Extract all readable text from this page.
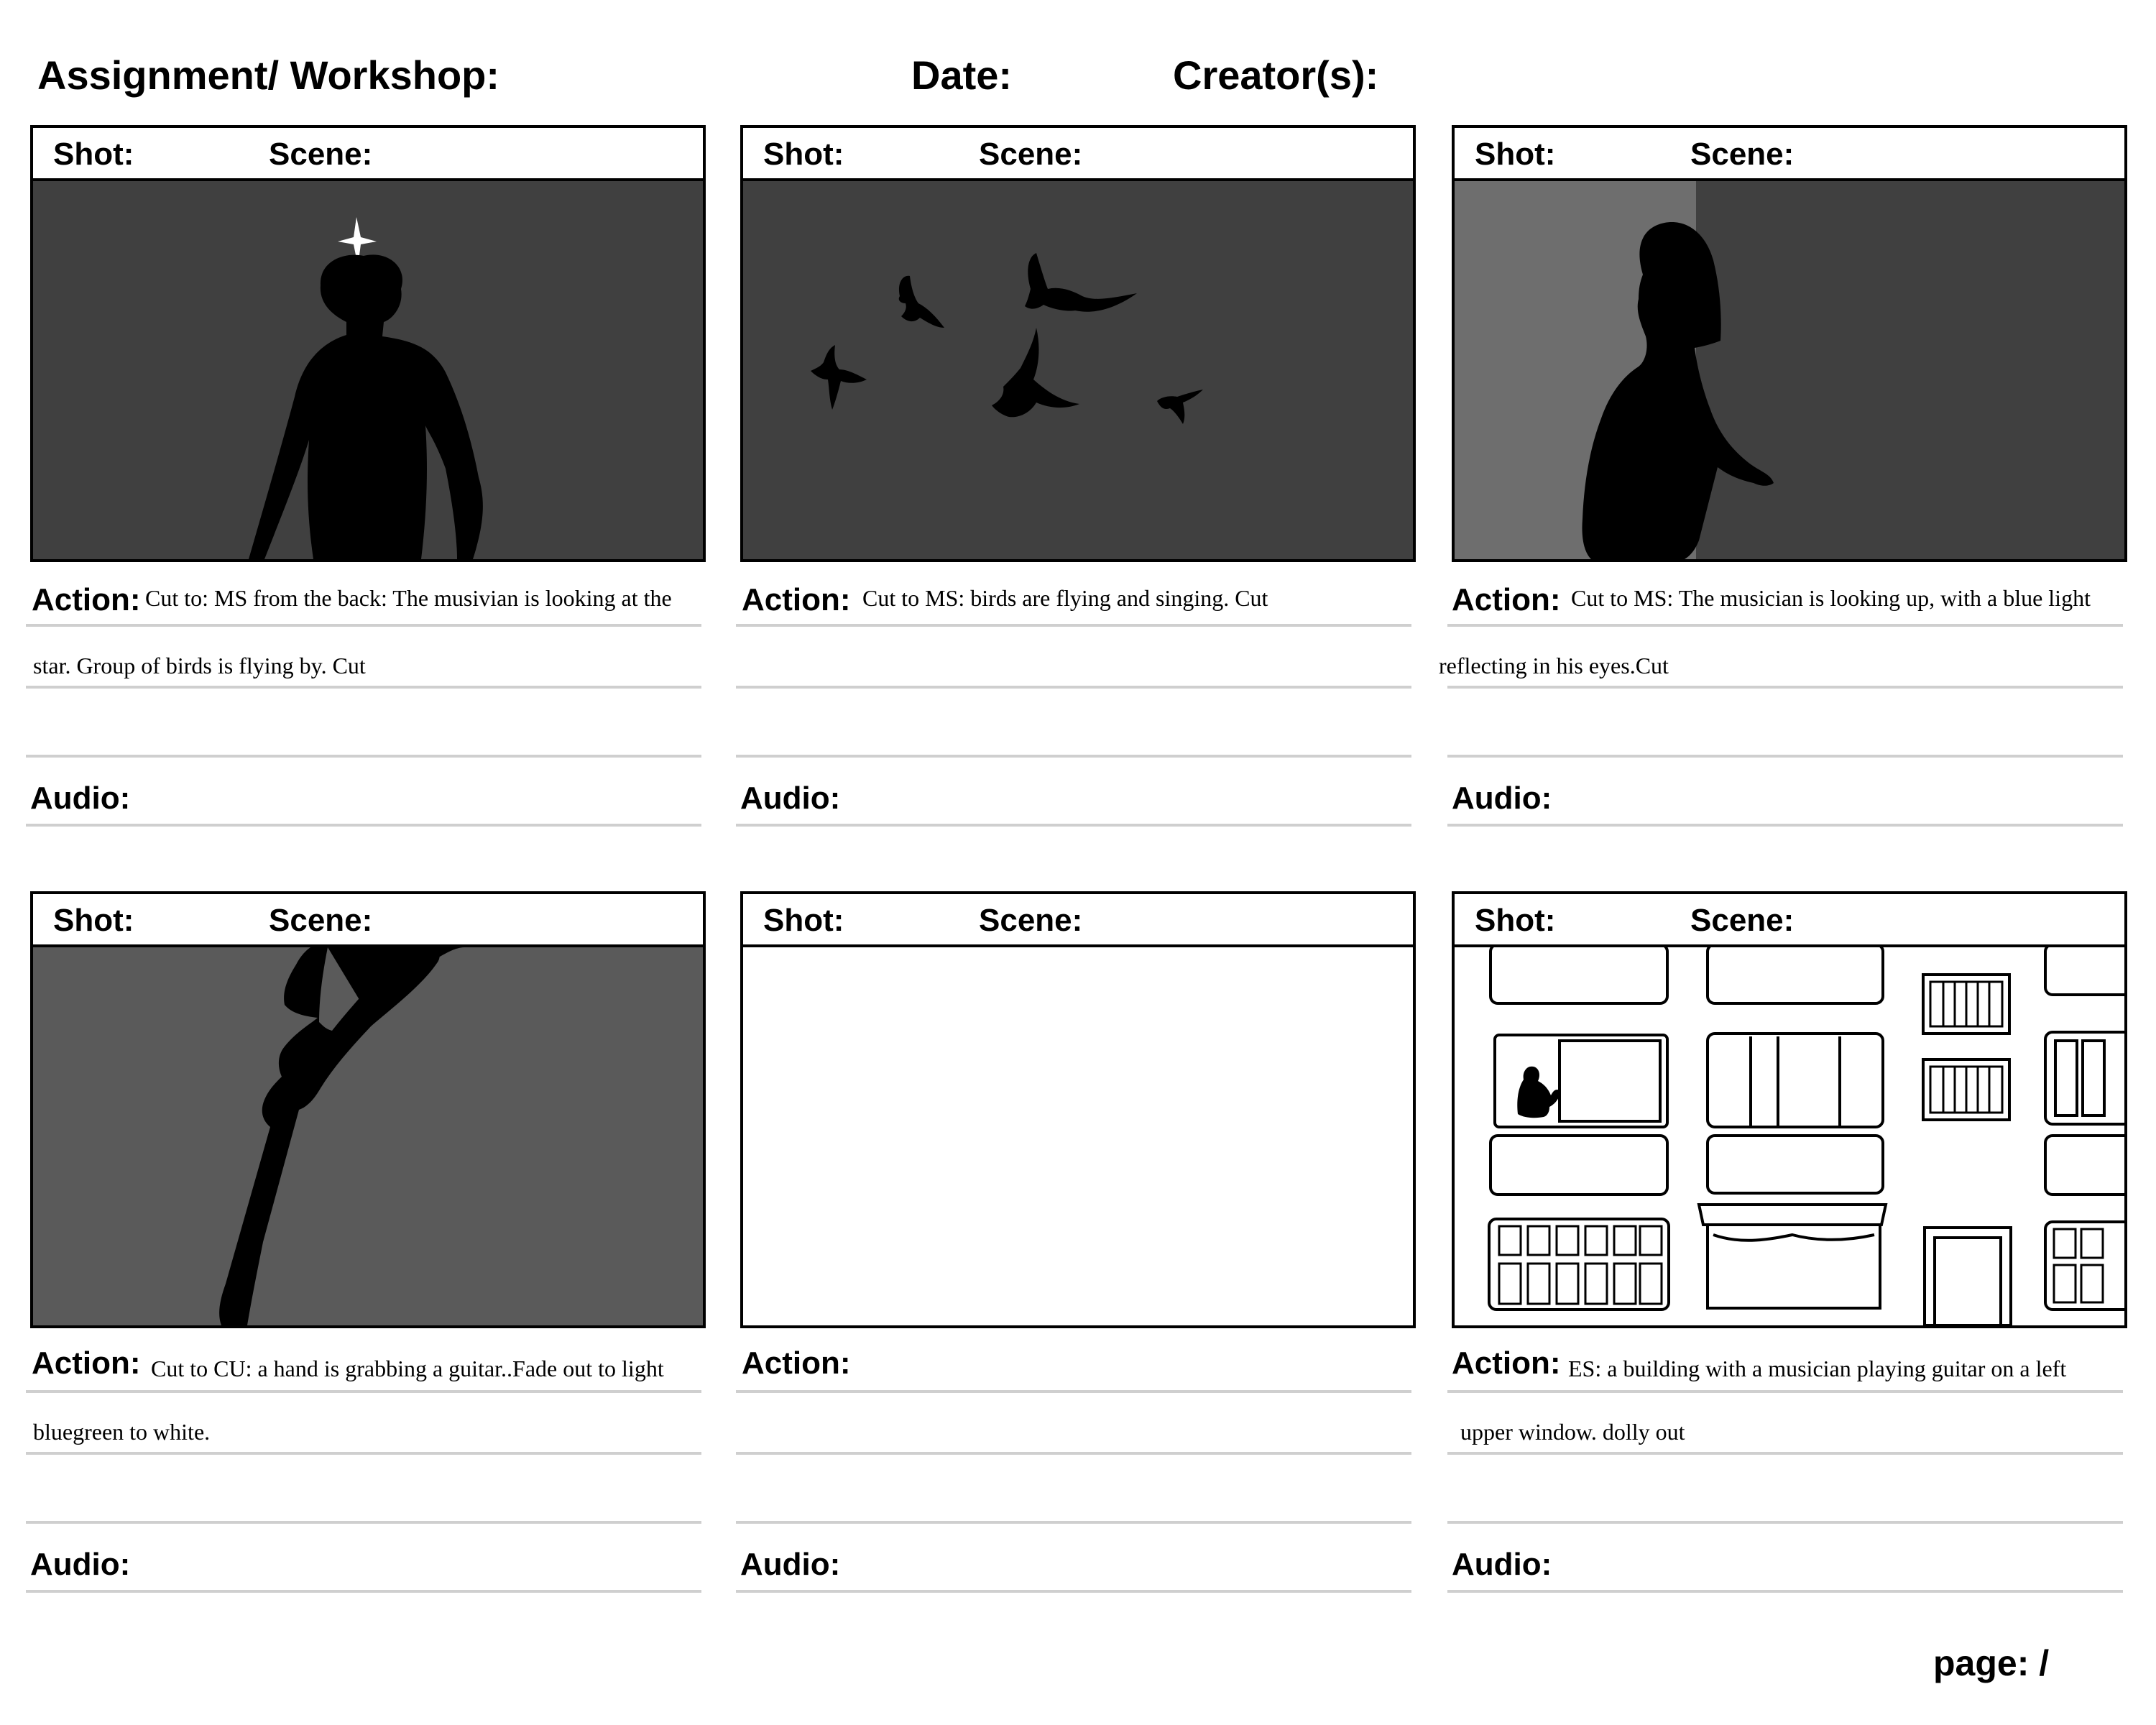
Assignment/ Workshop:	Date:	Creator(s):
Shot:	Scene:
Action: Cut to: MS from the back: The musivian is looking at the
star. Group of birds is flying by. Cut
Audio:
Shot:	Scene:
Action: Cut to MS: birds are flying and singing. Cut
Audio:
Shot:	Scene:
Action: Cut to MS: The musician is looking up, with a blue light
reflecting in his eyes.Cut
Audio:
Shot:	Scene:
Action: Cut to CU: a hand is grabbing a guitar..Fade out to light
bluegreen to white.
Audio:
Shot:	Scene:
Action:
Audio:
Shot:	Scene:
Action: ES: a building with a musician playing guitar on a left
upper window. dolly out
Audio:
page: /
